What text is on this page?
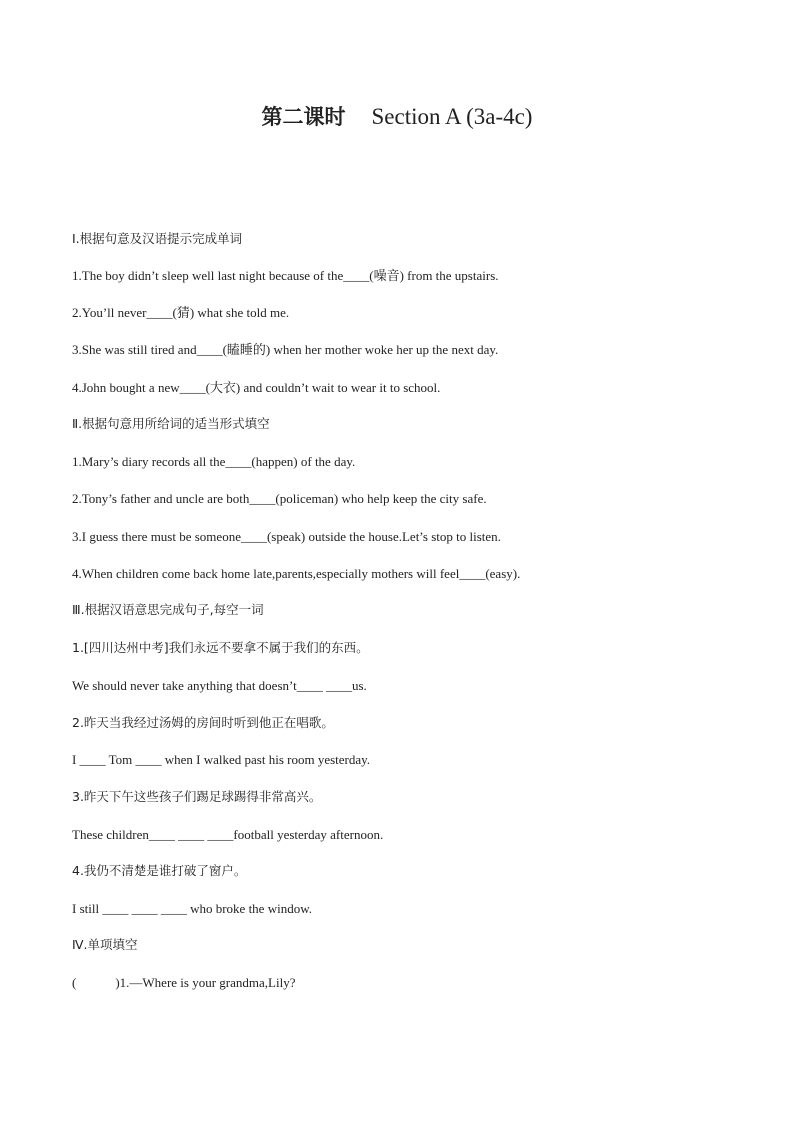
第二课时 Section A (3a-4c)
Ⅰ.根据句意及汉语提示完成单词
1.The boy didn’t sleep well last night because of the____(噪音) from the upstairs.
2.You’ll never____(猜) what she told me.
3.She was still tired and____(瞌睡的) when her mother woke her up the next day.
4.John bought a new____(大衣) and couldn’t wait to wear it to school.
Ⅱ.根据句意用所给词的适当形式填空
1.Mary’s diary records all the____(happen) of the day.
2.Tony’s father and uncle are both____(policeman) who help keep the city safe.
3.I guess there must be someone____(speak) outside the house.Let’s stop to listen.
4.When children come back home late,parents,especially mothers will feel____(easy).
Ⅲ.根据汉语意思完成句子,每空一词
1.[四川达州中考]我们永远不要拿不属于我们的东西。
We should never take anything that doesn’t____ ____us.
2.昨天当我经过汤姆的房间时听到他正在唱歌。
I ____ Tom ____ when I walked past his room yesterday.
3.昨天下午这些孩子们踢足球踢得非常高兴。
These children____ ____ ____football yesterday afternoon.
4.我仍不清楚是谁打破了窗户。
I still ____ ____ ____ who broke the window.
Ⅳ.单项填空
(　　　)1.—Where is your grandma,Lily?
